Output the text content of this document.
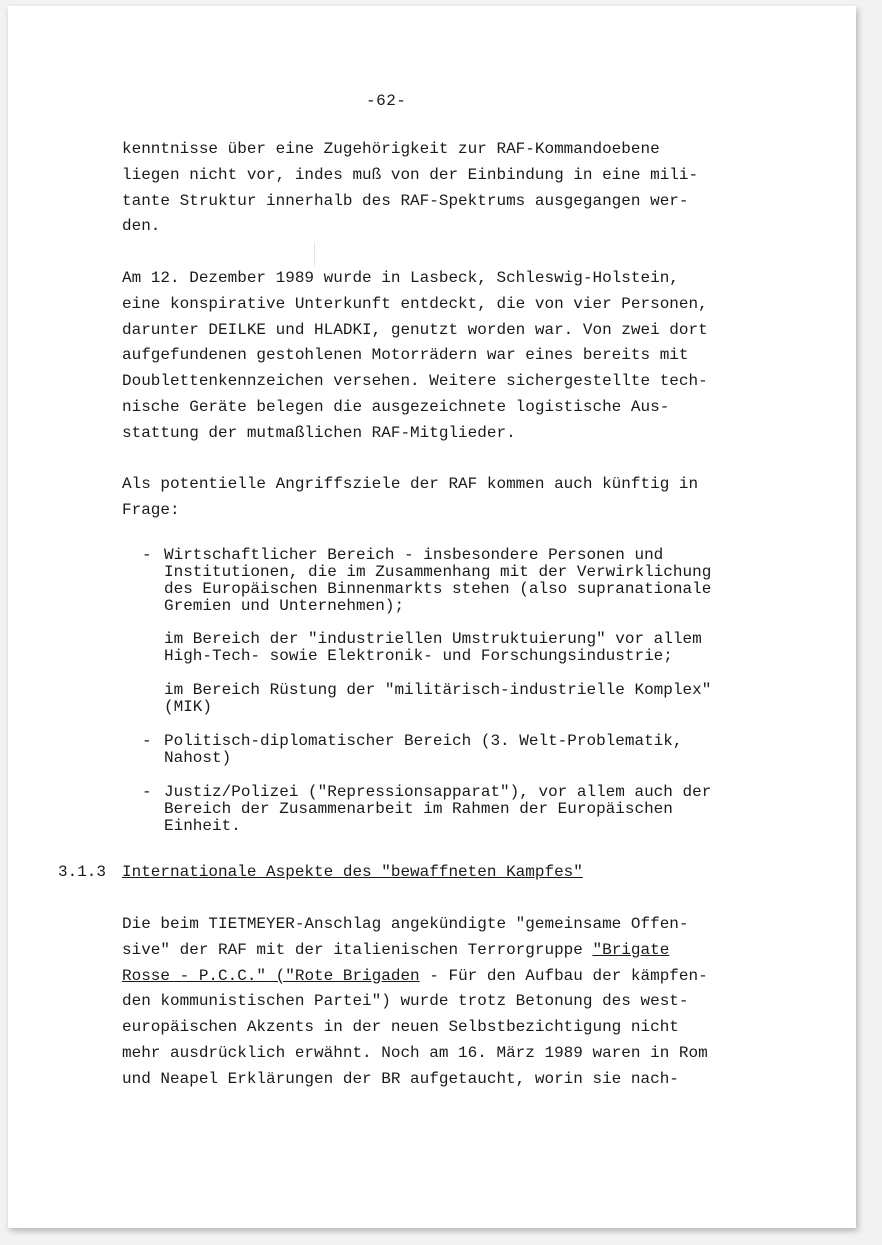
-62-

kenntnisse über eine Zugehörigkeit zur RAF-Kommandoebene
liegen nicht vor, indes muß von der Einbindung in eine mili-
tante Struktur innerhalb des RAF-Spektrums ausgegangen wer-
den.

Am 12. Dezember 1989 wurde in Lasbeck, Schleswig-Holstein,
eine konspirative Unterkunft entdeckt, die von vier Personen,
darunter DEILKE und HLADKI, genutzt worden war. Von zwei dort
aufgefundenen gestohlenen Motorrädern war eines bereits mit
Doublettenkennzeichen versehen. Weitere sichergestellte tech-
nische Geräte belegen die ausgezeichnete logistische Aus-
stattung der mutmaßlichen RAF-Mitglieder.

Als potentielle Angriffsziele der RAF kommen auch künftig in
Frage:

- Wirtschaftlicher Bereich - insbesondere Personen und
Institutionen, die im Zusammenhang mit der Verwirklichung
des Europäischen Binnenmarkts stehen (also supranationale
Gremien und Unternehmen);
im Bereich der "industriellen Umstruktuierung" vor allem
High-Tech- sowie Elektronik- und Forschungsindustrie;
im Bereich Rüstung der "militärisch-industrielle Komplex"
(MIK)
- Politisch-diplomatischer Bereich (3. Welt-Problematik,
Nahost)
- Justiz/Polizei ("Repressionsapparat"), vor allem auch der
Bereich der Zusammenarbeit im Rahmen der Europäischen
Einheit.
3.1.3 Internationale Aspekte des "bewaffneten Kampfes"

Die beim TIETMEYER-Anschlag angekündigte "gemeinsame Offen-
sive" der RAF mit der italienischen Terrorgruppe "Brigate
Rosse - P.C.C." ("Rote Brigaden - Für den Aufbau der kämpfen-
den kommunistischen Partei") wurde trotz Betonung des west-
europäischen Akzents in der neuen Selbstbezichtigung nicht
mehr ausdrücklich erwähnt. Noch am 16. März 1989 waren in Rom
und Neapel Erklärungen der BR aufgetaucht, worin sie nach-
